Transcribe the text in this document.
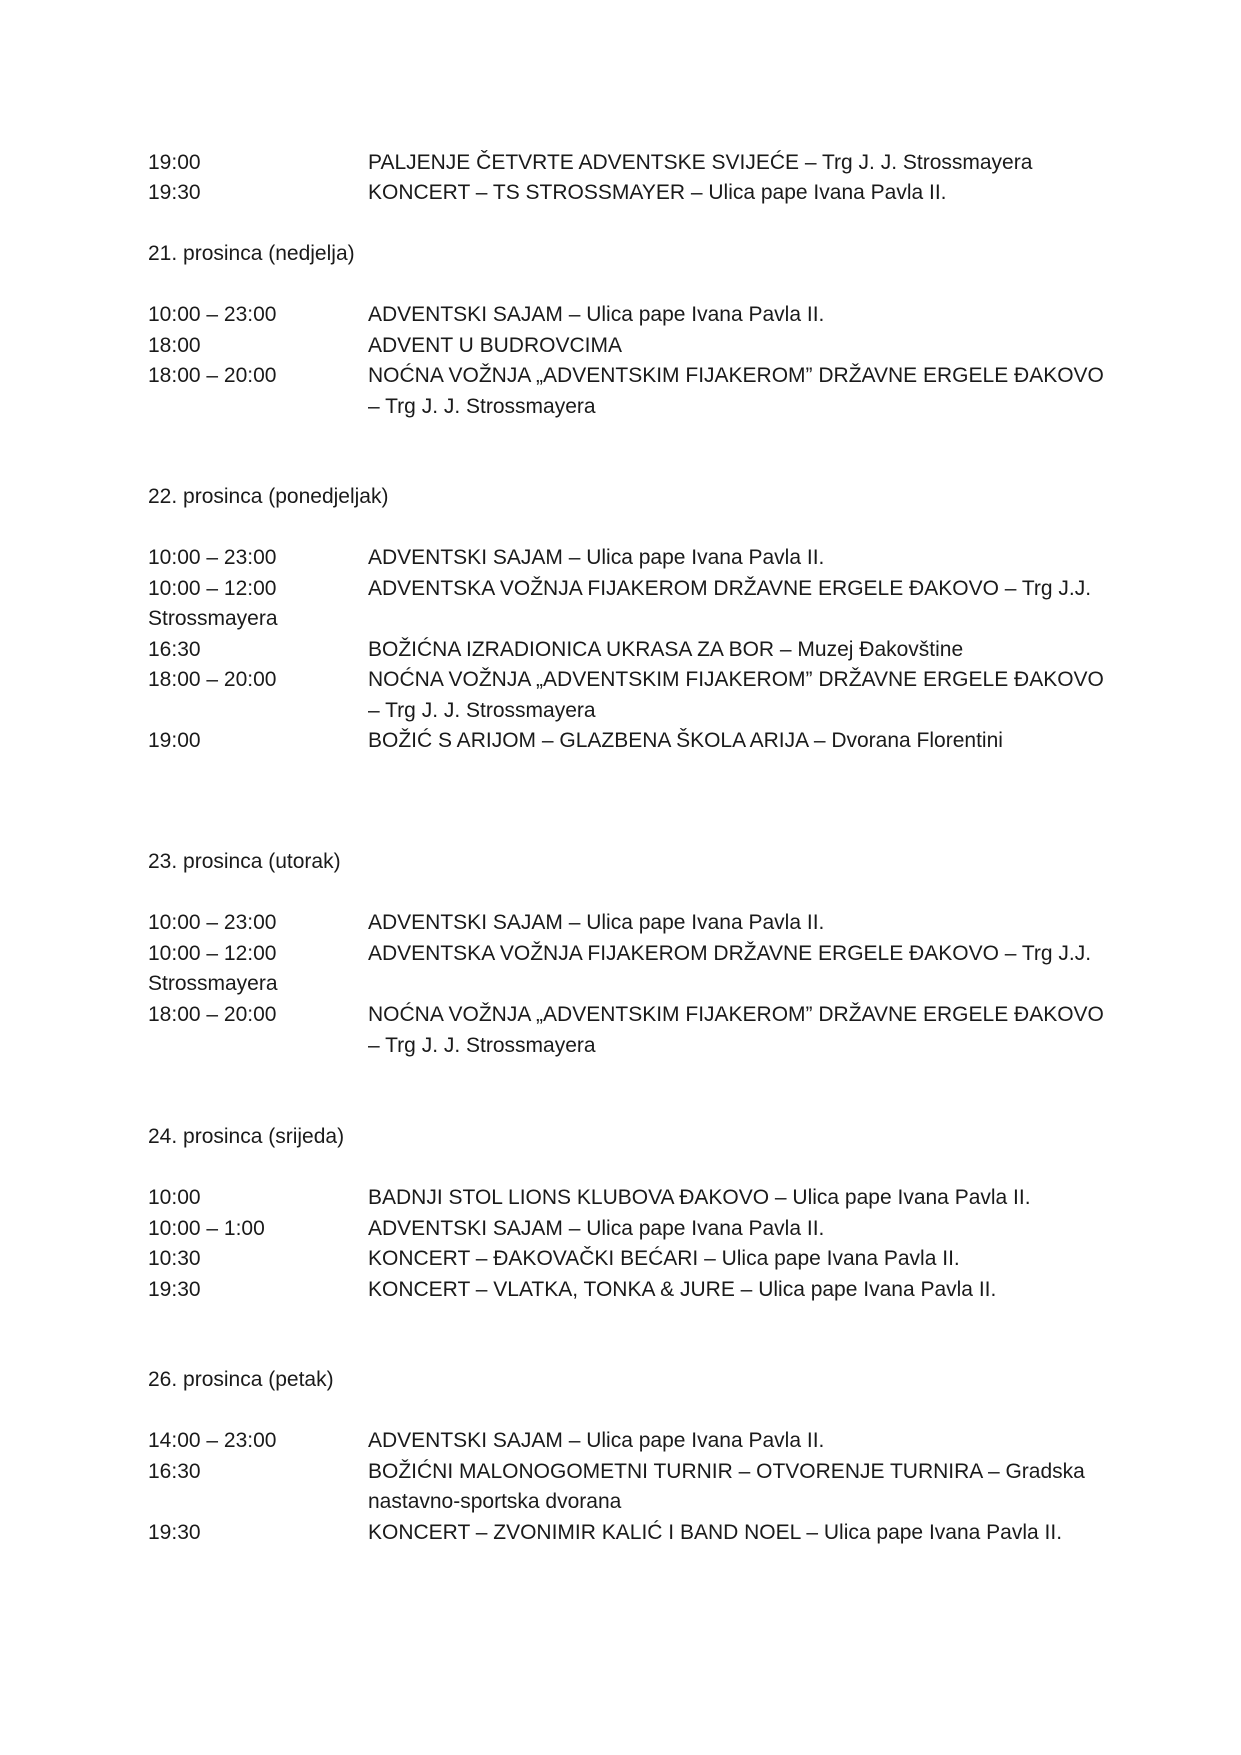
19:00	PALJENJE ČETVRTE ADVENTSKE SVIJEĆE – Trg J. J. Strossmayera
19:30	KONCERT – TS STROSSMAYER – Ulica pape Ivana Pavla II.
21. prosinca (nedjelja)
10:00 – 23:00	ADVENTSKI SAJAM – Ulica pape Ivana Pavla II.
18:00	ADVENT U BUDROVCIMA
18:00 – 20:00	NOĆNA VOŽNJA „ADVENTSKIM FIJAKEROM” DRŽAVNE ERGELE ĐAKOVO
– Trg J. J. Strossmayera
22. prosinca (ponedjeljak)
10:00 – 23:00	ADVENTSKI SAJAM – Ulica pape Ivana Pavla II.
10:00 – 12:00	ADVENTSKA VOŽNJA FIJAKEROM DRŽAVNE ERGELE ĐAKOVO – Trg J.J.
Strossmayera
16:30	BOŽIĆNA IZRADIONICA UKRASA ZA BOR – Muzej Đakovštine
18:00 – 20:00	NOĆNA VOŽNJA „ADVENTSKIM FIJAKEROM” DRŽAVNE ERGELE ĐAKOVO
– Trg J. J. Strossmayera
19:00	BOŽIĆ S ARIJOM – GLAZBENA ŠKOLA ARIJA – Dvorana Florentini
23. prosinca (utorak)
10:00 – 23:00	ADVENTSKI SAJAM – Ulica pape Ivana Pavla II.
10:00 – 12:00	ADVENTSKA VOŽNJA FIJAKEROM DRŽAVNE ERGELE ĐAKOVO – Trg J.J.
Strossmayera
18:00 – 20:00	NOĆNA VOŽNJA „ADVENTSKIM FIJAKEROM” DRŽAVNE ERGELE ĐAKOVO
– Trg J. J. Strossmayera
24. prosinca (srijeda)
10:00	BADNJI STOL LIONS KLUBOVA ĐAKOVO – Ulica pape Ivana Pavla II.
10:00 – 1:00	ADVENTSKI SAJAM – Ulica pape Ivana Pavla II.
10:30	KONCERT – ĐAKOVAČKI BEĆARI – Ulica pape Ivana Pavla II.
19:30	KONCERT – VLATKA, TONKA & JURE – Ulica pape Ivana Pavla II.
26. prosinca (petak)
14:00 – 23:00	ADVENTSKI SAJAM – Ulica pape Ivana Pavla II.
16:30	BOŽIĆNI MALONOGOMETNI TURNIR – OTVORENJE TURNIRA – Gradska
nastavno-sportska dvorana
19:30	KONCERT – ZVONIMIR KALIĆ I BAND NOEL – Ulica pape Ivana Pavla II.
